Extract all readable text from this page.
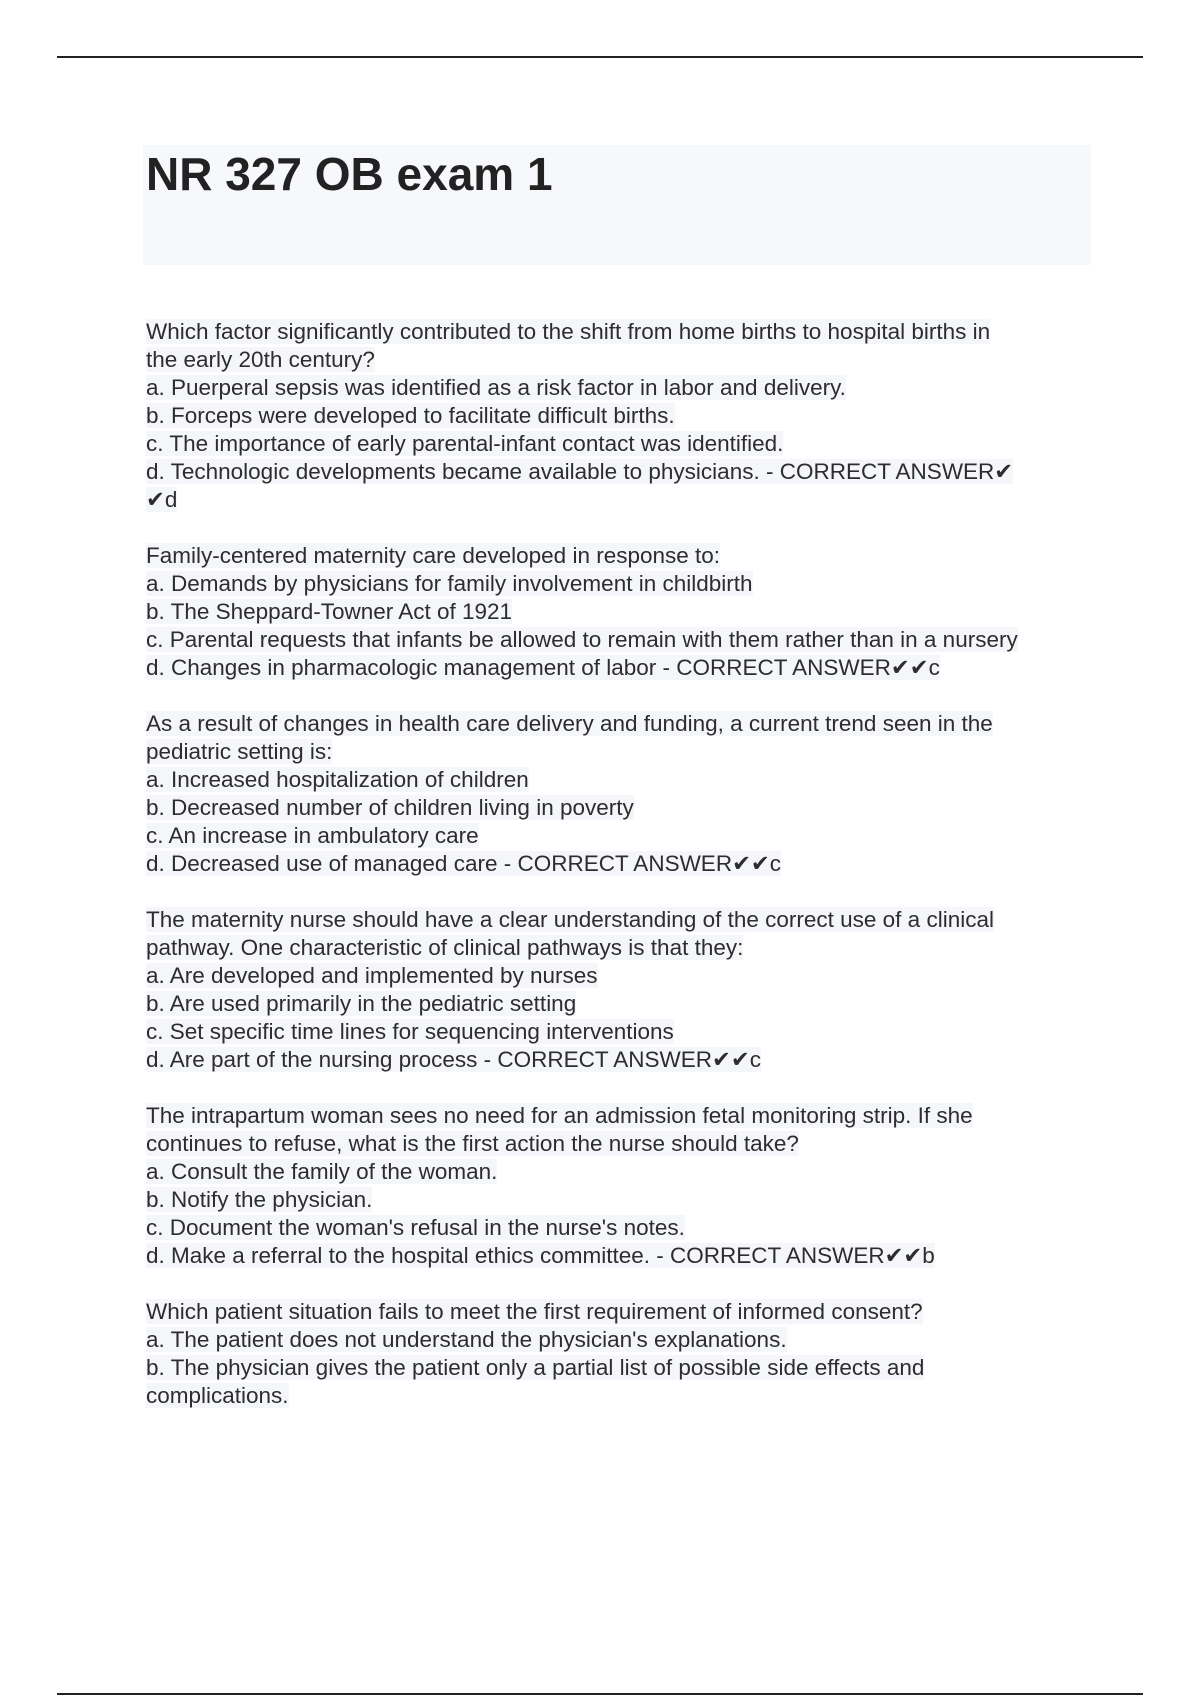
NR 327 OB exam 1
Which factor significantly contributed to the shift from home births to hospital births in
the early 20th century?
a. Puerperal sepsis was identified as a risk factor in labor and delivery.
b. Forceps were developed to facilitate difficult births.
c. The importance of early parental-infant contact was identified.
d. Technologic developments became available to physicians. - CORRECT ANSWER✔
✔d
Family-centered maternity care developed in response to:
a. Demands by physicians for family involvement in childbirth
b. The Sheppard-Towner Act of 1921
c. Parental requests that infants be allowed to remain with them rather than in a nursery
d. Changes in pharmacologic management of labor - CORRECT ANSWER✔✔c
As a result of changes in health care delivery and funding, a current trend seen in the
pediatric setting is:
a. Increased hospitalization of children
b. Decreased number of children living in poverty
c. An increase in ambulatory care
d. Decreased use of managed care - CORRECT ANSWER✔✔c
The maternity nurse should have a clear understanding of the correct use of a clinical
pathway. One characteristic of clinical pathways is that they:
a. Are developed and implemented by nurses
b. Are used primarily in the pediatric setting
c. Set specific time lines for sequencing interventions
d. Are part of the nursing process - CORRECT ANSWER✔✔c
The intrapartum woman sees no need for an admission fetal monitoring strip. If she
continues to refuse, what is the first action the nurse should take?
a. Consult the family of the woman.
b. Notify the physician.
c. Document the woman's refusal in the nurse's notes.
d. Make a referral to the hospital ethics committee. - CORRECT ANSWER✔✔b
Which patient situation fails to meet the first requirement of informed consent?
a. The patient does not understand the physician's explanations.
b. The physician gives the patient only a partial list of possible side effects and
complications.
